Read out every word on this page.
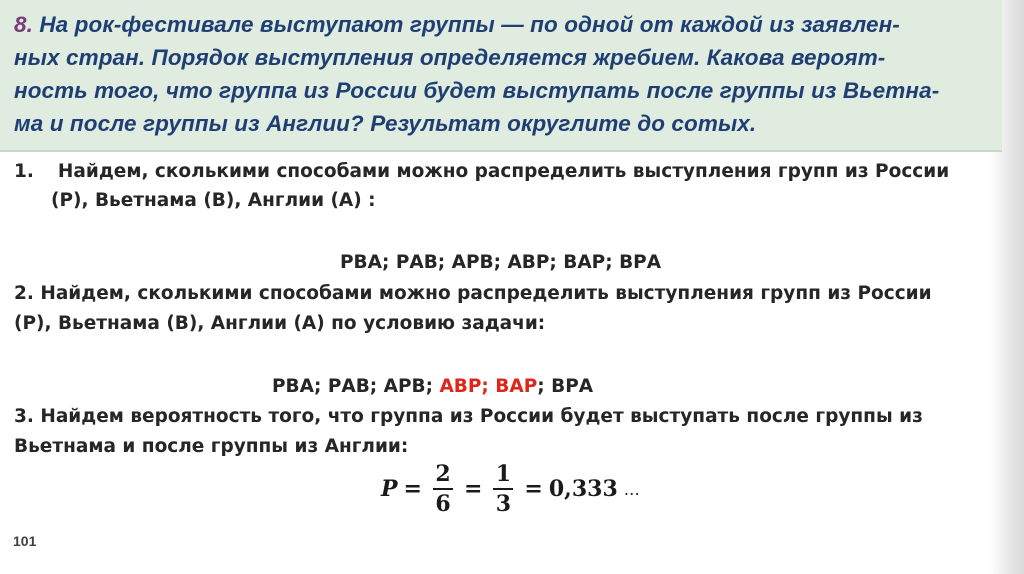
8. На рок-фестивале выступают группы — по одной от каждой из заявлен-

ных стран. Порядок выступления определяется жребием. Какова вероят-

ность того, что группа из России будет выступать после группы из Вьетна-

ма и после группы из Англии? Результат округлите до сотых.

1. Найдем, сколькими способами можно распределить выступления групп из России
(Р), Вьетнама (В), Англии (А) :
РВА; РАВ; АРВ; АВР; ВАР; ВРА
2. Найдем, сколькими способами можно распределить выступления групп из России
(Р), Вьетнама (В), Англии (А) по условию задачи:
РВА; РАВ; АРВ; АВР; ВАР; ВРА
3. Найдем вероятность того, что группа из России будет выступать после группы из
Вьетнама и после группы из Англии:
$P = \frac{2}{6} = \frac{1}{3} = 0,333$ …
101
